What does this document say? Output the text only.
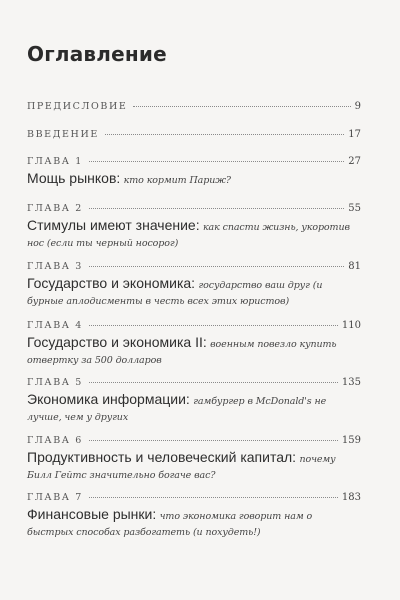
Оглавление
ПРЕДИСЛОВИЕ	9
ВВЕДЕНИЕ	17
ГЛАВА 1	27
Мощь рынков: кто кормит Париж?
ГЛАВА 2	55
Стимулы имеют значение: как спасти жизнь, укоротив нос (если ты черный носорог)
ГЛАВА 3	81
Государство и экономика: государство ваш друг (и бурные аплодисменты в честь всех этих юристов)
ГЛАВА 4	110
Государство и экономика II: военным повезло купить отвертку за 500 долларов
ГЛАВА 5	135
Экономика информации: гамбургер в McDonald's не лучше, чем у других
ГЛАВА 6	159
Продуктивность и человеческий капитал: почему Билл Гейтс значительно богаче вас?
ГЛАВА 7	183
Финансовые рынки: что экономика говорит нам о быстрых способах разбогатеть (и похудеть!)
